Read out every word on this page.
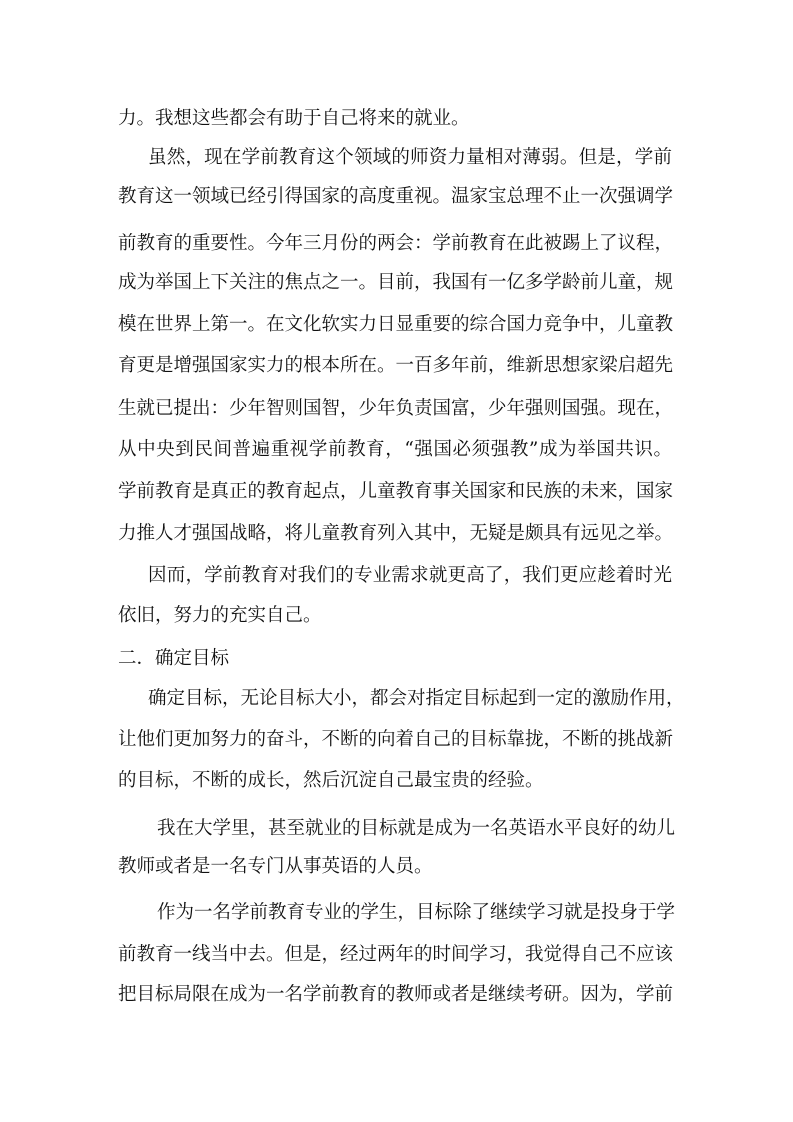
力。我想这些都会有助于自己将来的就业。
虽然，现在学前教育这个领域的师资力量相对薄弱。但是，学前
教育这一领域已经引得国家的高度重视。温家宝总理不止一次强调学
前教育的重要性。今年三月份的两会：学前教育在此被踢上了议程，
成为举国上下关注的焦点之一。目前，我国有一亿多学龄前儿童，规
模在世界上第一。在文化软实力日显重要的综合国力竞争中，儿童教
育更是增强国家实力的根本所在。一百多年前，维新思想家梁启超先
生就已提出：少年智则国智，少年负责国富，少年强则国强。现在，
从中央到民间普遍重视学前教育，“强国必须强教”成为举国共识。
学前教育是真正的教育起点，儿童教育事关国家和民族的未来，国家
力推人才强国战略，将儿童教育列入其中，无疑是颇具有远见之举。
因而，学前教育对我们的专业需求就更高了，我们更应趁着时光
依旧，努力的充实自己。
二．确定目标
确定目标，无论目标大小，都会对指定目标起到一定的激励作用，
让他们更加努力的奋斗，不断的向着自己的目标靠拢，不断的挑战新
的目标，不断的成长，然后沉淀自己最宝贵的经验。
我在大学里，甚至就业的目标就是成为一名英语水平良好的幼儿
教师或者是一名专门从事英语的人员。
作为一名学前教育专业的学生，目标除了继续学习就是投身于学
前教育一线当中去。但是，经过两年的时间学习，我觉得自己不应该
把目标局限在成为一名学前教育的教师或者是继续考研。因为，学前
